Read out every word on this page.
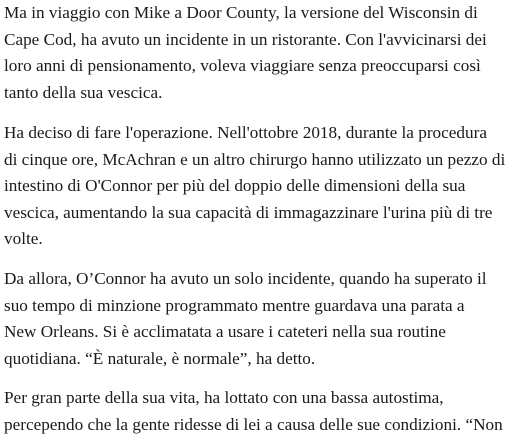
Ma in viaggio con Mike a Door County, la versione del Wisconsin di
Cape Cod, ha avuto un incidente in un ristorante. Con l'avvicinarsi dei
loro anni di pensionamento, voleva viaggiare senza preoccuparsi così
tanto della sua vescica.

Ha deciso di fare l'operazione. Nell'ottobre 2018, durante la procedura
di cinque ore, McAchran e un altro chirurgo hanno utilizzato un pezzo di
intestino di O'Connor per più del doppio delle dimensioni della sua
vescica, aumentando la sua capacità di immagazzinare l'urina più di tre
volte.

Da allora, O’Connor ha avuto un solo incidente, quando ha superato il
suo tempo di minzione programmato mentre guardava una parata a
New Orleans. Si è acclimatata a usare i cateteri nella sua routine
quotidiana. “È naturale, è normale”, ha detto.

Per gran parte della sua vita, ha lottato con una bassa autostima,
percependo che la gente ridesse di lei a causa delle sue condizioni. “Non
